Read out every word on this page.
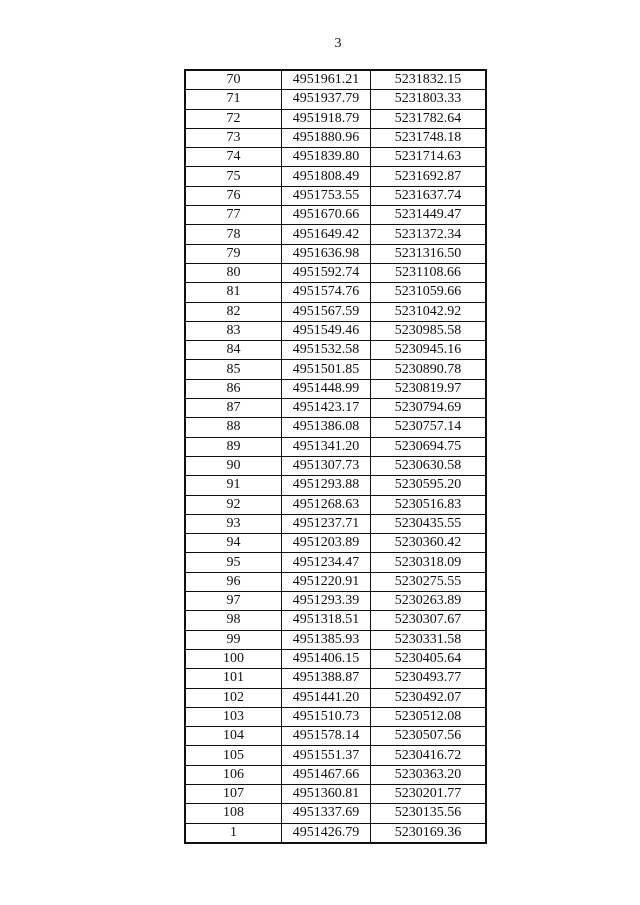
3
70	4951961.21	5231832.15
71	4951937.79	5231803.33
72	4951918.79	5231782.64
73	4951880.96	5231748.18
74	4951839.80	5231714.63
75	4951808.49	5231692.87
76	4951753.55	5231637.74
77	4951670.66	5231449.47
78	4951649.42	5231372.34
79	4951636.98	5231316.50
80	4951592.74	5231108.66
81	4951574.76	5231059.66
82	4951567.59	5231042.92
83	4951549.46	5230985.58
84	4951532.58	5230945.16
85	4951501.85	5230890.78
86	4951448.99	5230819.97
87	4951423.17	5230794.69
88	4951386.08	5230757.14
89	4951341.20	5230694.75
90	4951307.73	5230630.58
91	4951293.88	5230595.20
92	4951268.63	5230516.83
93	4951237.71	5230435.55
94	4951203.89	5230360.42
95	4951234.47	5230318.09
96	4951220.91	5230275.55
97	4951293.39	5230263.89
98	4951318.51	5230307.67
99	4951385.93	5230331.58
100	4951406.15	5230405.64
101	4951388.87	5230493.77
102	4951441.20	5230492.07
103	4951510.73	5230512.08
104	4951578.14	5230507.56
105	4951551.37	5230416.72
106	4951467.66	5230363.20
107	4951360.81	5230201.77
108	4951337.69	5230135.56
1	4951426.79	5230169.36
